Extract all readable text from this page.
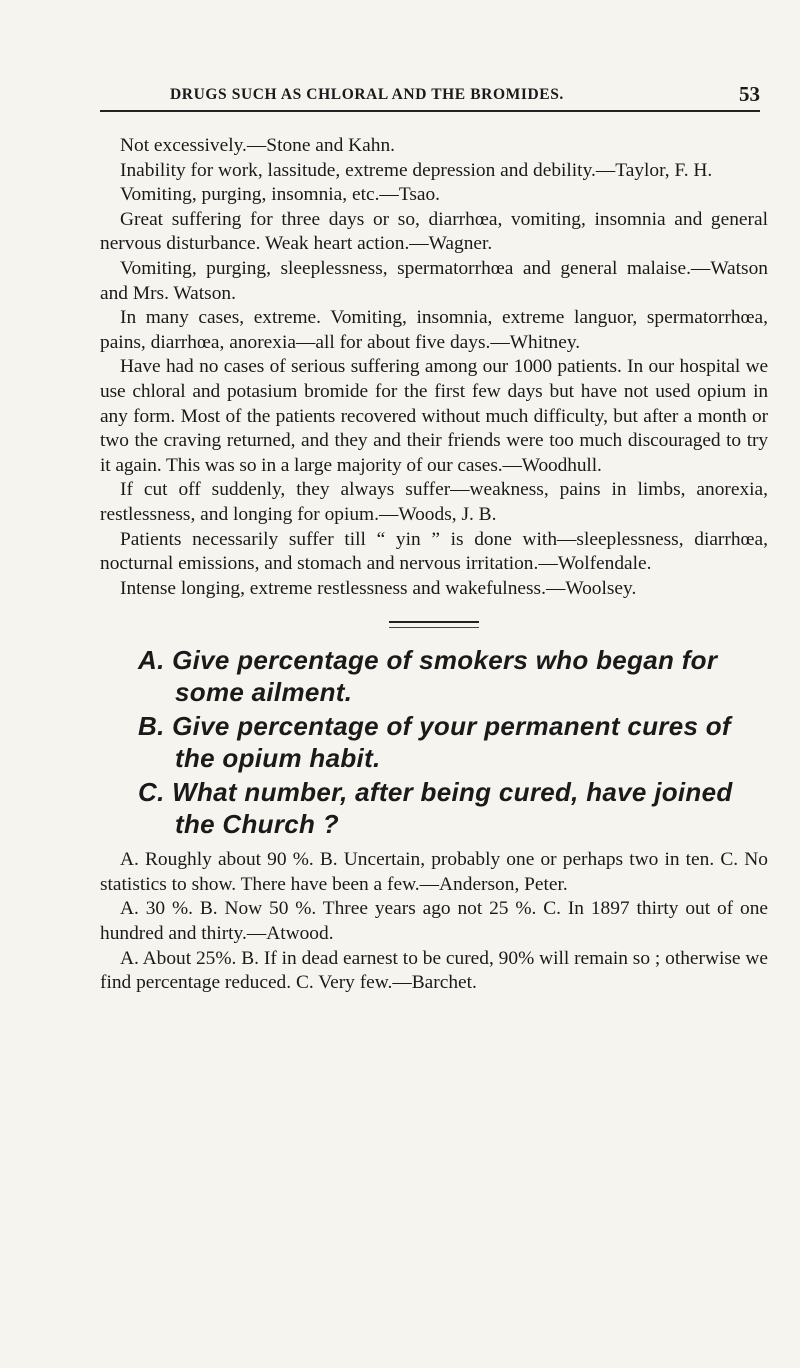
DRUGS SUCH AS CHLORAL AND THE BROMIDES.	53

Not excessively.—Stone and Kahn.

Inability for work, lassitude, extreme depression and debility.—Taylor, F. H.

Vomiting, purging, insomnia, etc.—Tsao.

Great suffering for three days or so, diarrhœa, vomiting, insomnia and general nervous disturbance. Weak heart action.—Wagner.

Vomiting, purging, sleeplessness, spermatorrhœa and general malaise.—Watson and Mrs. Watson.

In many cases, extreme. Vomiting, insomnia, extreme languor, spermatorrhœa, pains, diarrhœa, anorexia—all for about five days.—Whitney.

Have had no cases of serious suffering among our 1000 patients. In our hospital we use chloral and potasium bromide for the first few days but have not used opium in any form. Most of the patients recovered without much difficulty, but after a month or two the craving returned, and they and their friends were too much discouraged to try it again. This was so in a large majority of our cases.—Woodhull.

If cut off suddenly, they always suffer—weakness, pains in limbs, anorexia, restlessness, and longing for opium.—Woods, J. B.

Patients necessarily suffer till “ yin ” is done with—sleeplessness, diarrhœa, nocturnal emissions, and stomach and nervous irritation.—Wolfendale.

Intense longing, extreme restlessness and wakefulness.—Woolsey.

A. Give percentage of smokers who began for some ailment.

B. Give percentage of your permanent cures of the opium habit.

C. What number, after being cured, have joined the Church ?

A. Roughly about 90 %. B. Uncertain, probably one or perhaps two in ten. C. No statistics to show. There have been a few.—Anderson, Peter.

A. 30 %. B. Now 50 %. Three years ago not 25 %. C. In 1897 thirty out of one hundred and thirty.—Atwood.

A. About 25%. B. If in dead earnest to be cured, 90% will remain so ; otherwise we find percentage reduced. C. Very few.—Barchet.
